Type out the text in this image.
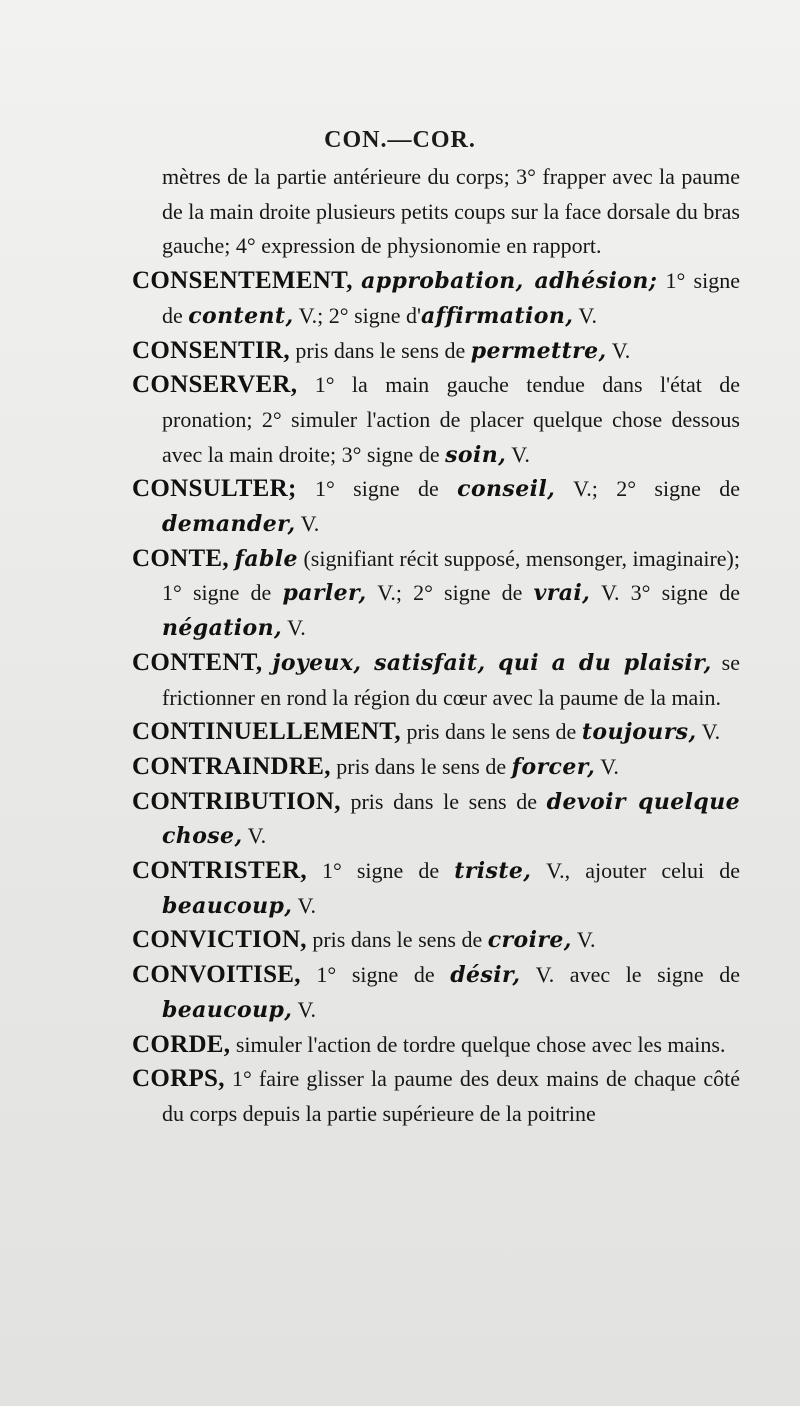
CON.—COR.

mètres de la partie antérieure du corps; 3° frapper avec la paume de la main droite plusieurs petits coups sur la face dorsale du bras gauche; 4° expression de physionomie en rapport.

CONSENTEMENT, approbation, adhésion; 1° signe de content, V.; 2° signe d'affirmation, V.

CONSENTIR, pris dans le sens de permettre, V.

CONSERVER, 1° la main gauche tendue dans l'état de pronation; 2° simuler l'action de placer quelque chose dessous avec la main droite; 3° signe de soin, V.

CONSULTER; 1° signe de conseil, V.; 2° signe de demander, V.

CONTE, fable (signifiant récit supposé, mensonger, imaginaire); 1° signe de parler, V.; 2° signe de vrai, V. 3° signe de négation, V.

CONTENT, joyeux, satisfait, qui a du plaisir, se frictionner en rond la région du cœur avec la paume de la main.

CONTINUELLEMENT, pris dans le sens de toujours, V.

CONTRAINDRE, pris dans le sens de forcer, V.

CONTRIBUTION, pris dans le sens de devoir quelque chose, V.

CONTRISTER, 1° signe de triste, V., ajouter celui de beaucoup, V.

CONVICTION, pris dans le sens de croire, V.

CONVOITISE, 1° signe de désir, V. avec le signe de beaucoup, V.

CORDE, simuler l'action de tordre quelque chose avec les mains.

CORPS, 1° faire glisser la paume des deux mains de chaque côté du corps depuis la partie supérieure de la poitrine
